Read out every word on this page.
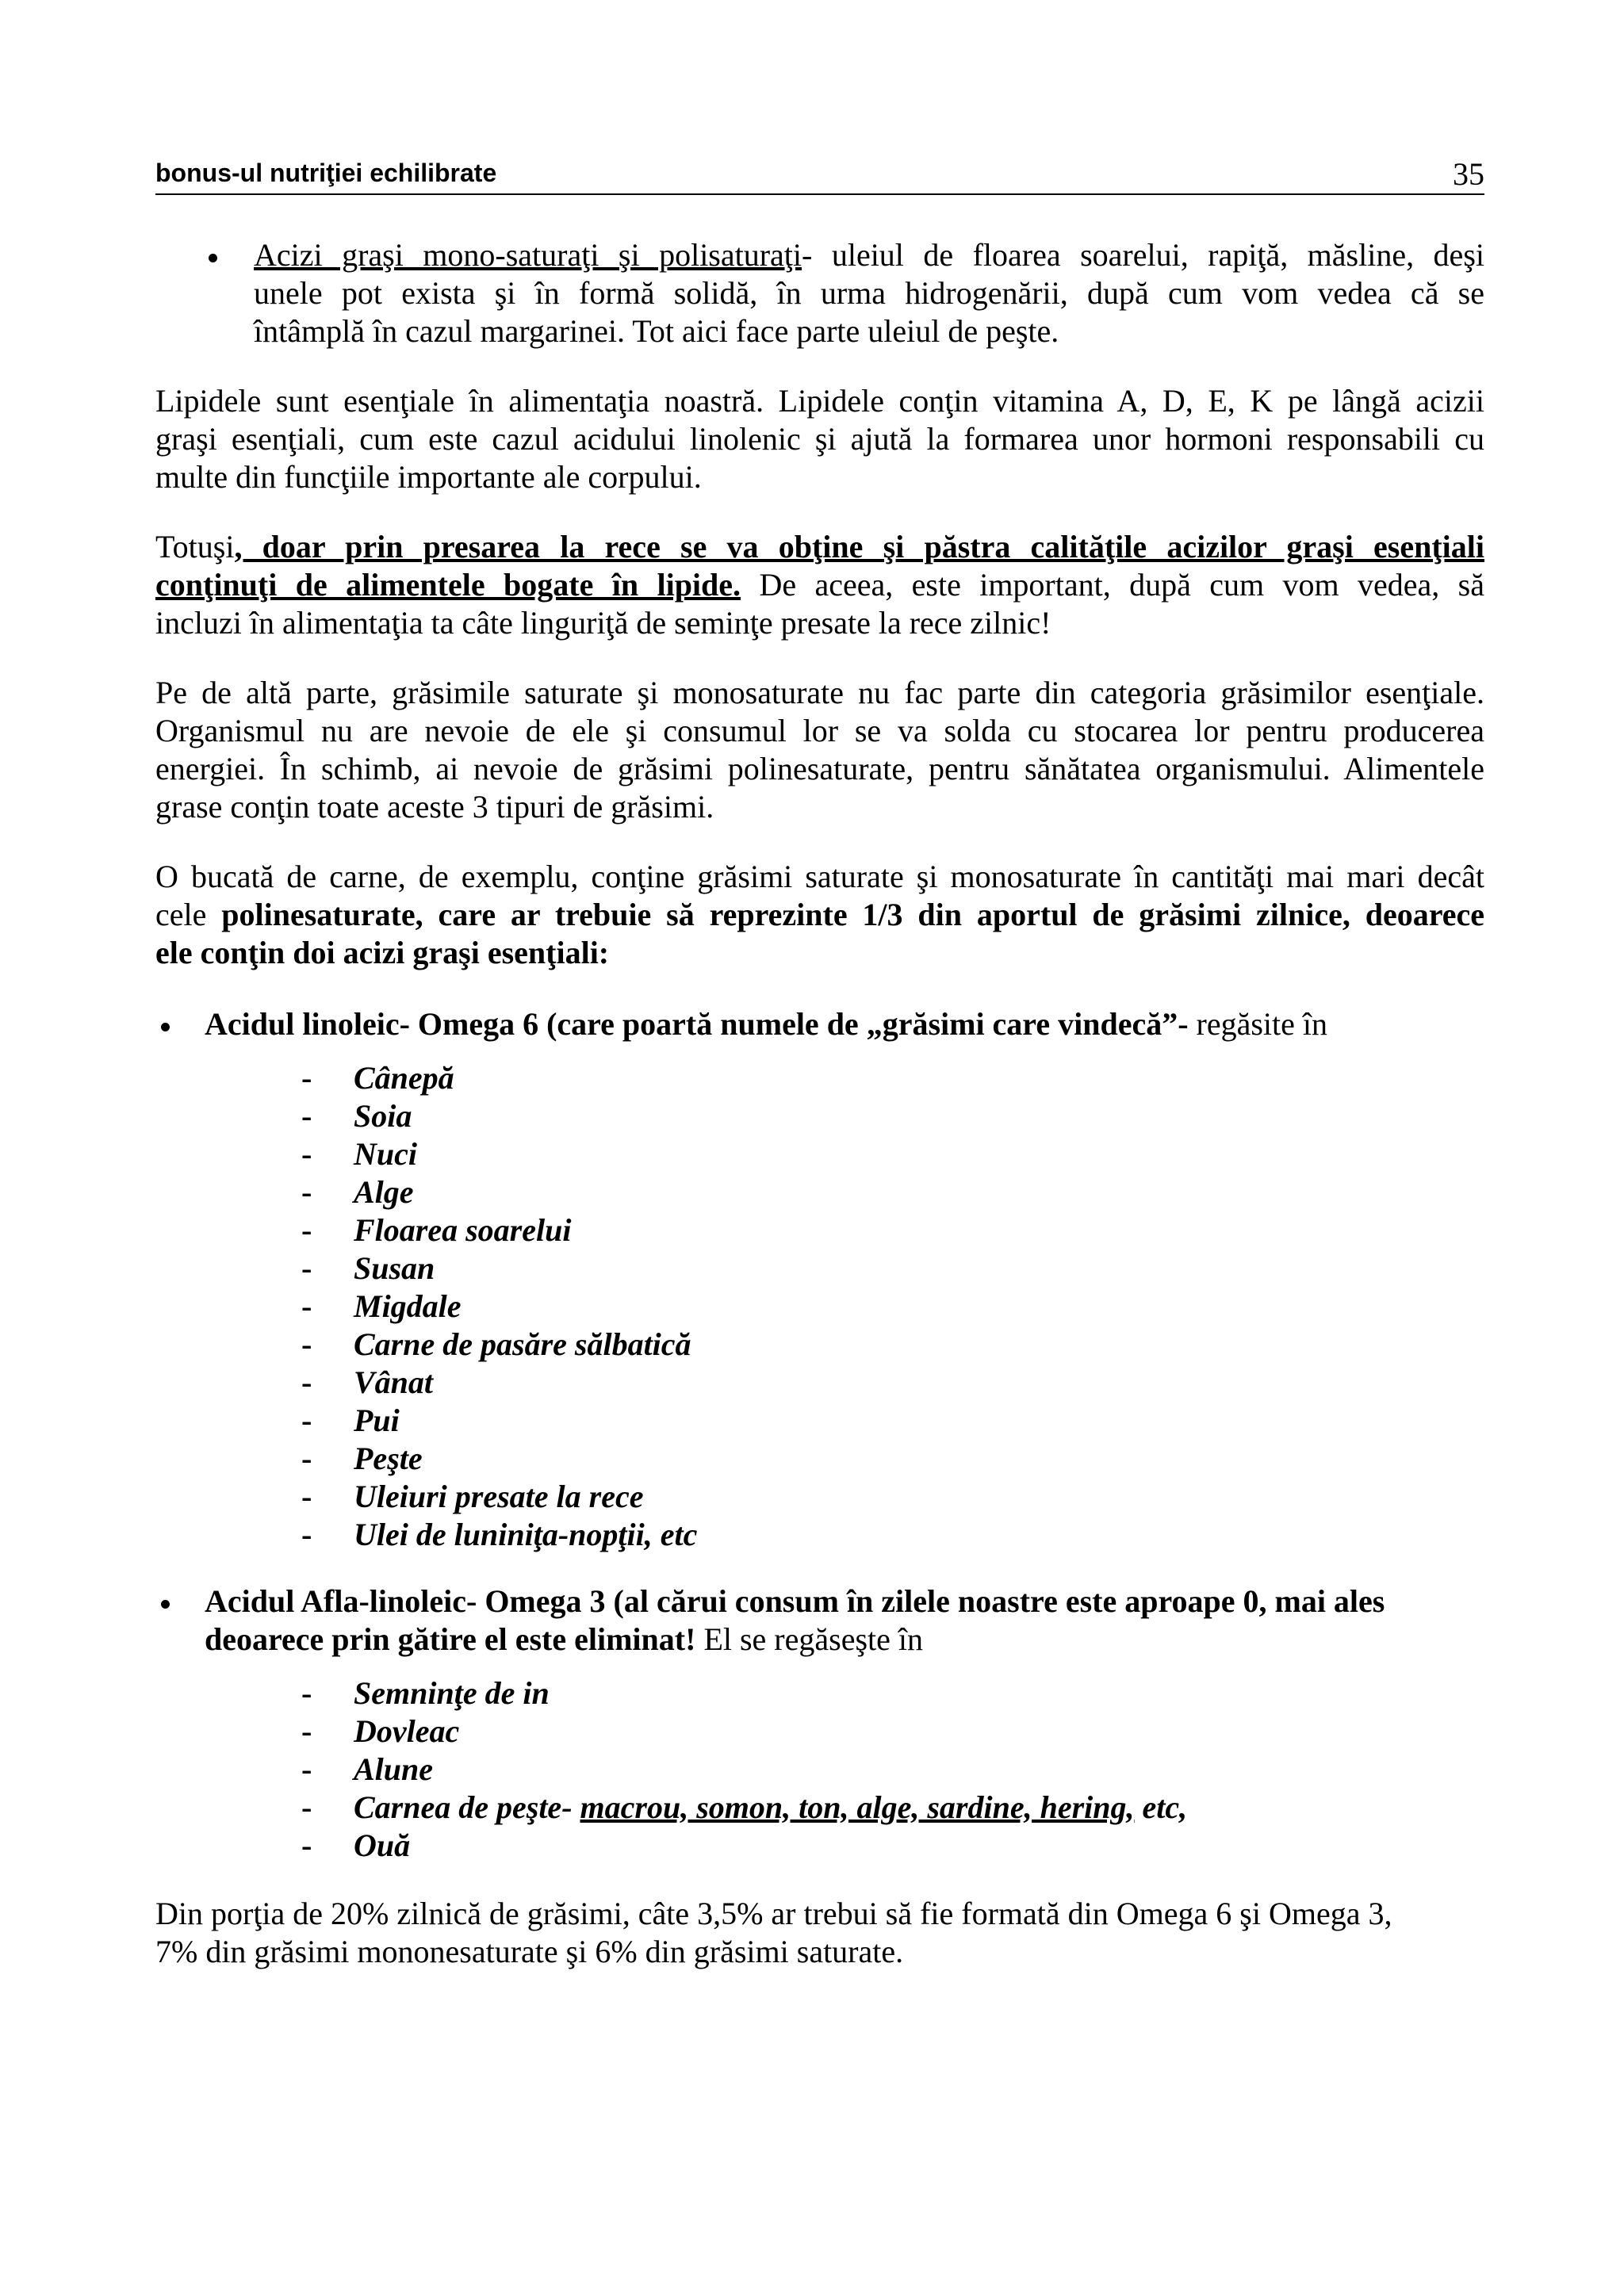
bonus-ul nutriţiei echilibrate	35
Acizi graşi mono-saturaţi şi polisaturaţi- uleiul de floarea soarelui, rapiţă, măsline, deşi
unele pot exista şi în formă solidă, în urma hidrogenării, după cum vom vedea că se
întâmplă în cazul margarinei. Tot aici face parte uleiul de peşte.
Lipidele sunt esenţiale în alimentaţia noastră. Lipidele conţin vitamina A, D, E, K pe lângă acizii
graşi esenţiali, cum este cazul acidului linolenic şi ajută la formarea unor hormoni responsabili cu
multe din funcţiile importante ale corpului.
Totuşi, doar prin presarea la rece se va obţine şi păstra calităţile acizilor graşi esenţiali
conţinuţi de alimentele bogate în lipide. De aceea, este important, după cum vom vedea, să
incluzi în alimentaţia ta câte linguriţă de seminţe presate la rece zilnic!
Pe de altă parte, grăsimile saturate şi monosaturate nu fac parte din categoria grăsimilor esenţiale.
Organismul nu are nevoie de ele şi consumul lor se va solda cu stocarea lor pentru producerea
energiei. În schimb, ai nevoie de grăsimi polinesaturate, pentru sănătatea organismului. Alimentele
grase conţin toate aceste 3 tipuri de grăsimi.
O bucată de carne, de exemplu, conţine grăsimi saturate şi monosaturate în cantităţi mai mari decât
cele polinesaturate, care ar trebuie să reprezinte 1/3 din aportul de grăsimi zilnice, deoarece
ele conţin doi acizi graşi esenţiali:
Acidul linoleic- Omega 6 (care poartă numele de „grăsimi care vindecă”- regăsite în
- Cânepă
- Soia
- Nuci
- Alge
- Floarea soarelui
- Susan
- Migdale
- Carne de pasăre sălbatică
- Vânat
- Pui
- Peşte
- Uleiuri presate la rece
- Ulei de luniniţa-nopţii, etc
Acidul Afla-linoleic- Omega 3 (al cărui consum în zilele noastre este aproape 0, mai ales
deoarece prin gătire el este eliminat! El se regăseşte în
- Semninţe de in
- Dovleac
- Alune
- Carnea de peşte- macrou, somon, ton, alge, sardine, hering, etc,
- Ouă
Din porţia de 20% zilnică de grăsimi, câte 3,5% ar trebui să fie formată din Omega 6 şi Omega 3,
7% din grăsimi mononesaturate şi 6% din grăsimi saturate.
